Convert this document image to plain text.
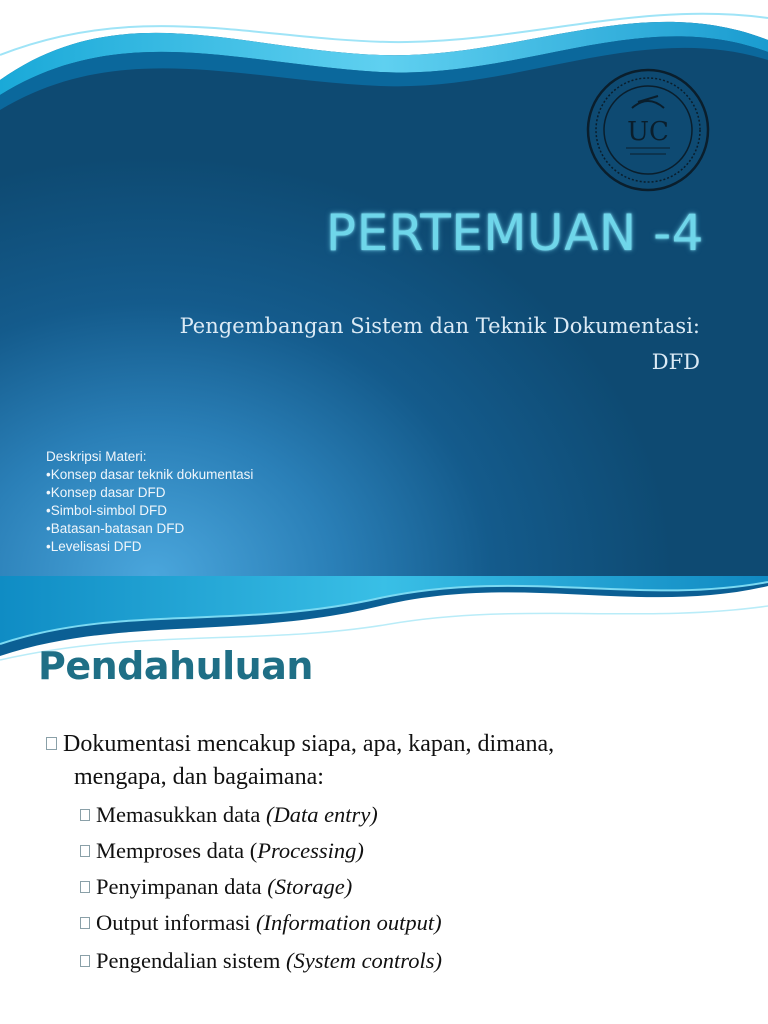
UC
PERTEMUAN -4
Pengembangan Sistem dan Teknik Dokumentasi:
DFD
Deskripsi Materi:
• Konsep dasar teknik dokumentasi
• Konsep dasar DFD
• Simbol-simbol DFD
• Batasan-batasan DFD
• Levelisasi DFD
Pendahuluan
Dokumentasi mencakup siapa, apa, kapan, dimana,
mengapa, dan bagaimana:
Memasukkan data (Data entry)
Memproses data (Processing)
Penyimpanan data (Storage)
Output informasi (Information output)
Pengendalian sistem (System controls)
